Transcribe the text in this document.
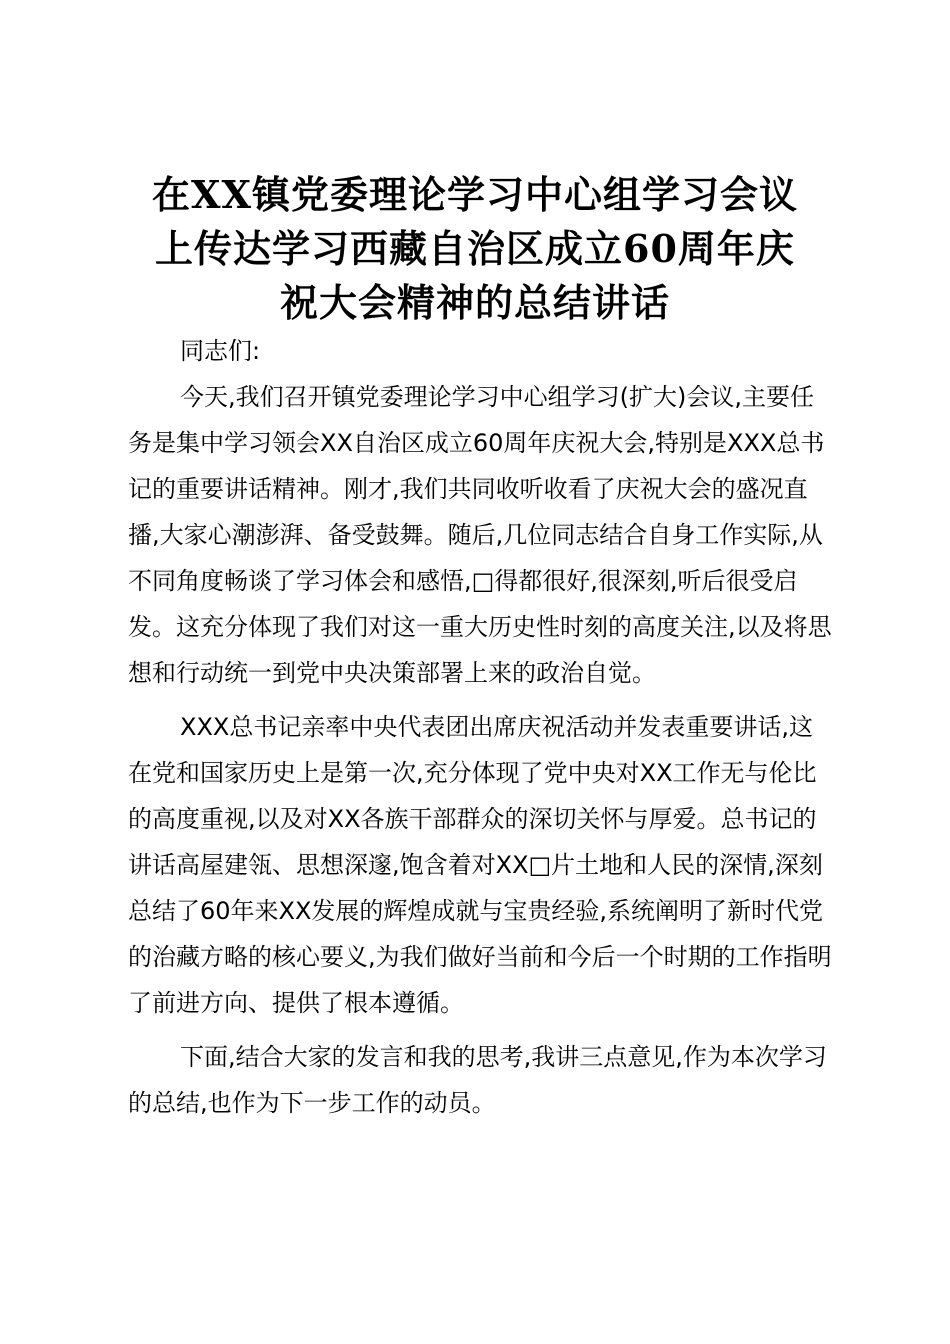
在XX镇党委理论学习中心组学习会议
上传达学习西藏自治区成立60周年庆
祝大会精神的总结讲话

同志们:

今天,我们召开镇党委理论学习中心组学习(扩大)会议,主要任务是集中学习领会XX自治区成立60周年庆祝大会,特别是XXX总书记的重要讲话精神。刚才,我们共同收听收看了庆祝大会的盛况直播,大家心潮澎湃、备受鼓舞。随后,几位同志结合自身工作实际,从不同角度畅谈了学习体会和感悟,□得都很好,很深刻,听后很受启发。这充分体现了我们对这一重大历史性时刻的高度关注,以及将思想和行动统一到党中央决策部署上来的政治自觉。

XXX总书记亲率中央代表团出席庆祝活动并发表重要讲话,这在党和国家历史上是第一次,充分体现了党中央对XX工作无与伦比的高度重视,以及对XX各族干部群众的深切关怀与厚爱。总书记的讲话高屋建瓴、思想深邃,饱含着对XX□片土地和人民的深情,深刻总结了60年来XX发展的辉煌成就与宝贵经验,系统阐明了新时代党的治藏方略的核心要义,为我们做好当前和今后一个时期的工作指明了前进方向、提供了根本遵循。

下面,结合大家的发言和我的思考,我讲三点意见,作为本次学习的总结,也作为下一步工作的动员。
